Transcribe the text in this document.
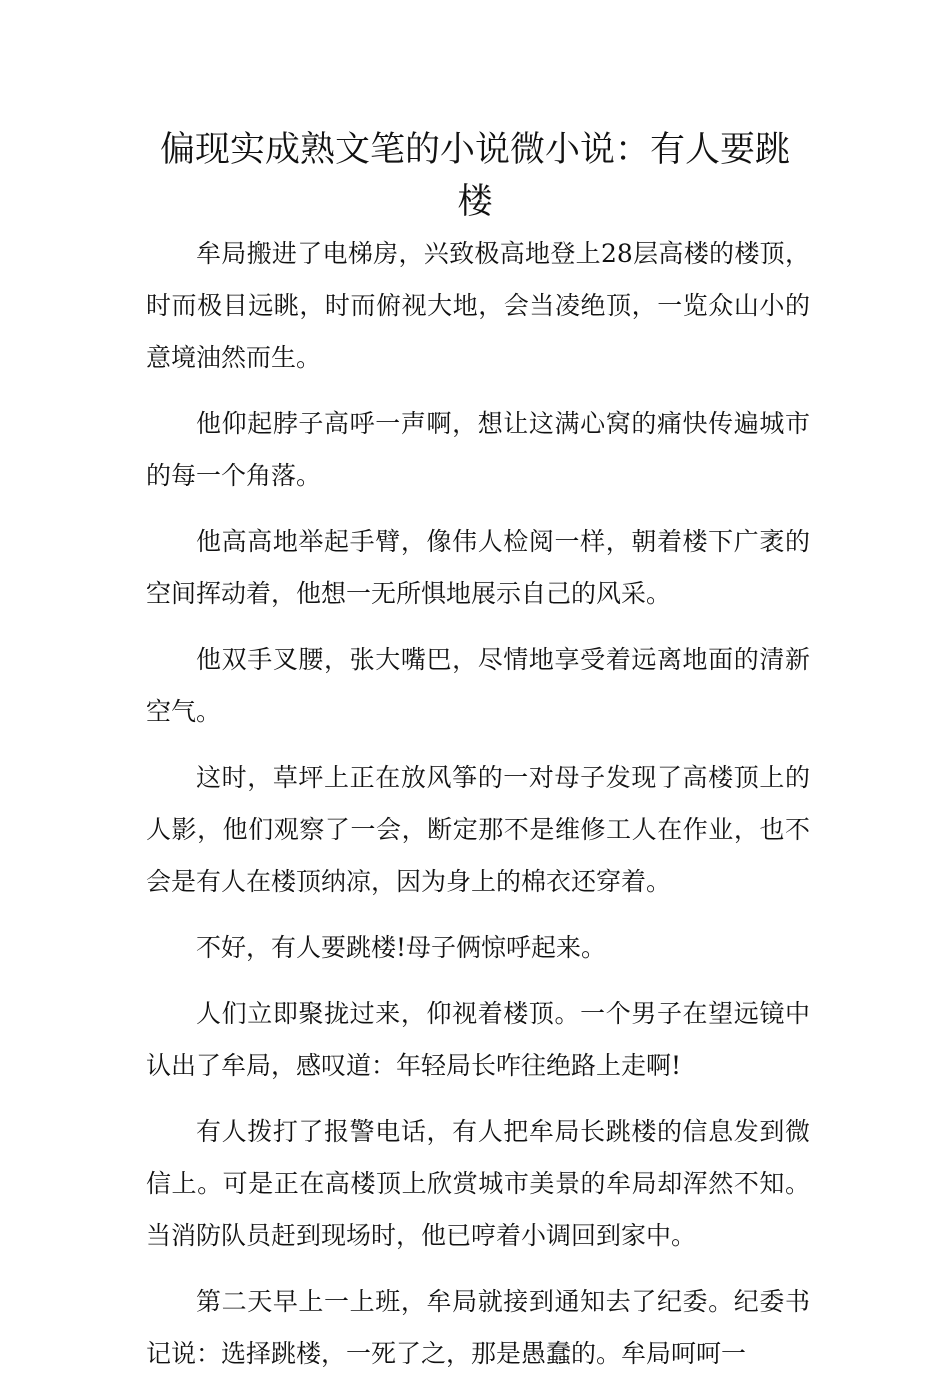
偏现实成熟文笔的小说微小说：有人要跳
楼

牟局搬进了电梯房，兴致极高地登上28层高楼的楼顶，时而极目远眺，时而俯视大地，会当凌绝顶，一览众山小的意境油然而生。

他仰起脖子高呼一声啊，想让这满心窝的痛快传遍城市的每一个角落。

他高高地举起手臂，像伟人检阅一样，朝着楼下广袤的空间挥动着，他想一无所惧地展示自己的风采。

他双手叉腰，张大嘴巴，尽情地享受着远离地面的清新空气。

这时，草坪上正在放风筝的一对母子发现了高楼顶上的人影，他们观察了一会，断定那不是维修工人在作业，也不会是有人在楼顶纳凉，因为身上的棉衣还穿着。

不好，有人要跳楼!母子俩惊呼起来。

人们立即聚拢过来，仰视着楼顶。一个男子在望远镜中认出了牟局，感叹道：年轻局长咋往绝路上走啊!

有人拨打了报警电话，有人把牟局长跳楼的信息发到微信上。可是正在高楼顶上欣赏城市美景的牟局却浑然不知。当消防队员赶到现场时，他已哼着小调回到家中。

第二天早上一上班，牟局就接到通知去了纪委。纪委书记说：选择跳楼，一死了之，那是愚蠢的。牟局呵呵一
